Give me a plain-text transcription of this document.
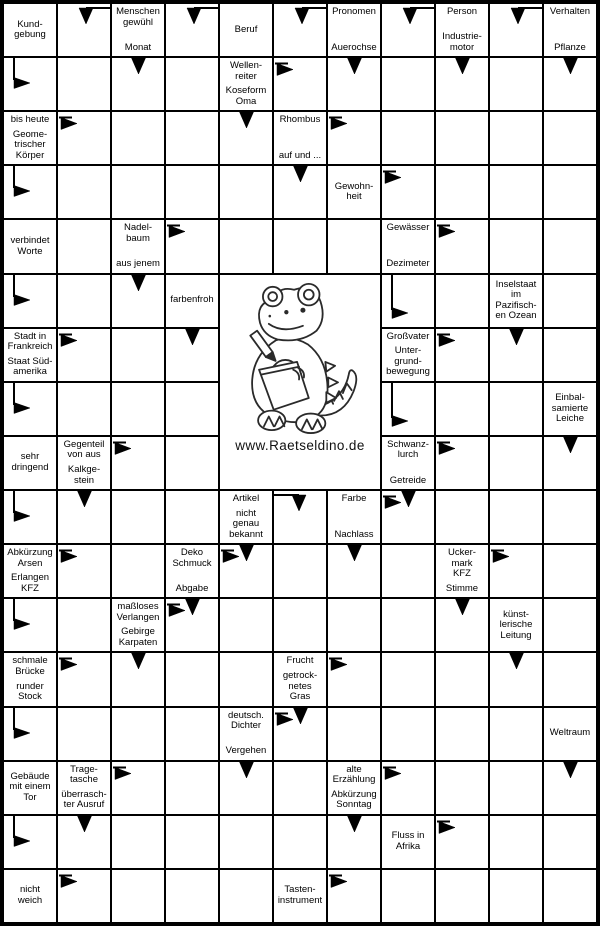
www.Raetseldino.de
Kund-
gebung
Menschen
gewühl
Monat
Beruf
Pronomen
Auerochse
Person
Industrie-
motor
Verhalten
Pflanze
Wellen-
reiter
Koseform
Oma
bis heute
Geome-
trischer
Körper
Rhombus
auf und ...
Gewohn-
heit
verbindet
Worte
Nadel-
baum
aus jenem
Gewässer
Dezimeter
farbenfroh
Inselstaat
im
Pazifisch-
en Ozean
Stadt in
Frankreich
Staat Süd-
amerika
Großvater
Unter-
grund-
bewegung
Einbal-
samierte
Leiche
sehr
dringend
Gegenteil
von aus
Kalkge-
stein
Schwanz-
lurch
Getreide
Artikel
nicht
genau
bekannt
Farbe
Nachlass
Abkürzung
Arsen
Erlangen
KFZ
Deko
Schmuck
Abgabe
Ucker-
mark
KFZ
Stimme
maßloses
Verlangen
Gebirge
Karpaten
künst-
lerische
Leitung
schmale
Brücke
runder
Stock
Frucht
getrock-
netes
Gras
deutsch.
Dichter
Vergehen
Weltraum
Gebäude
mit einem
Tor
Trage-
tasche
überrasch-
ter Ausruf
alte
Erzählung
Abkürzung
Sonntag
Fluss in
Afrika
nicht
weich
Tasten-
instrument
